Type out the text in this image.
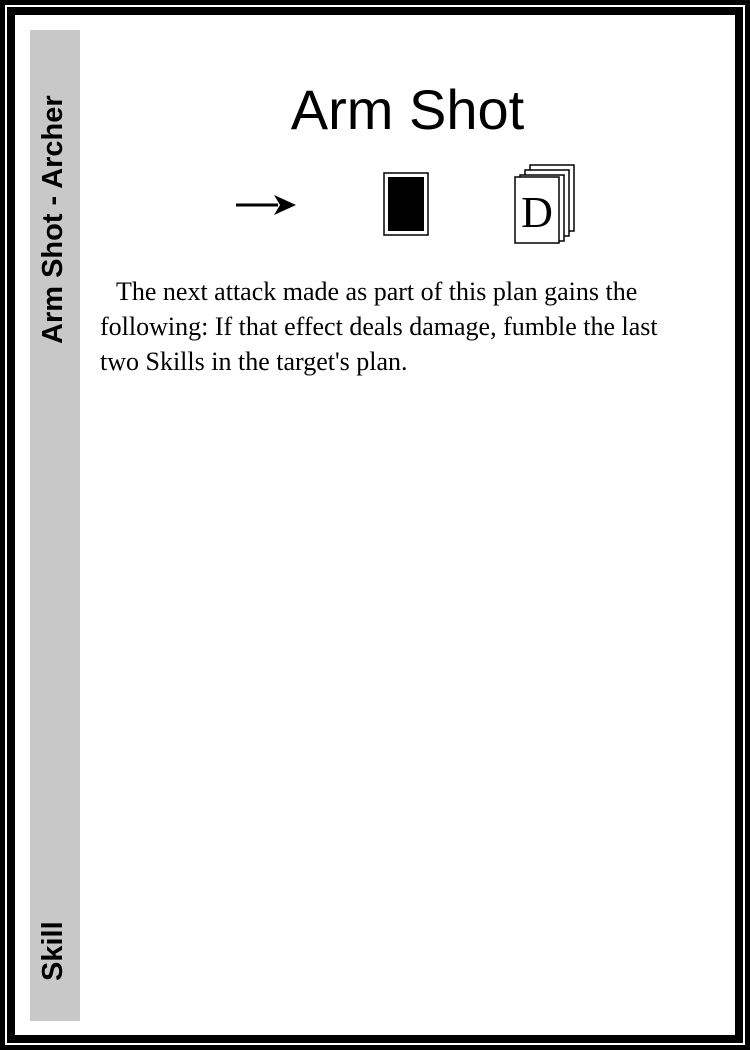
Arm Shot - Archer
Skill
Arm Shot
D

The next attack made as part of this plan gains the following: If that effect deals damage, fumble the last two Skills in the target's plan.
